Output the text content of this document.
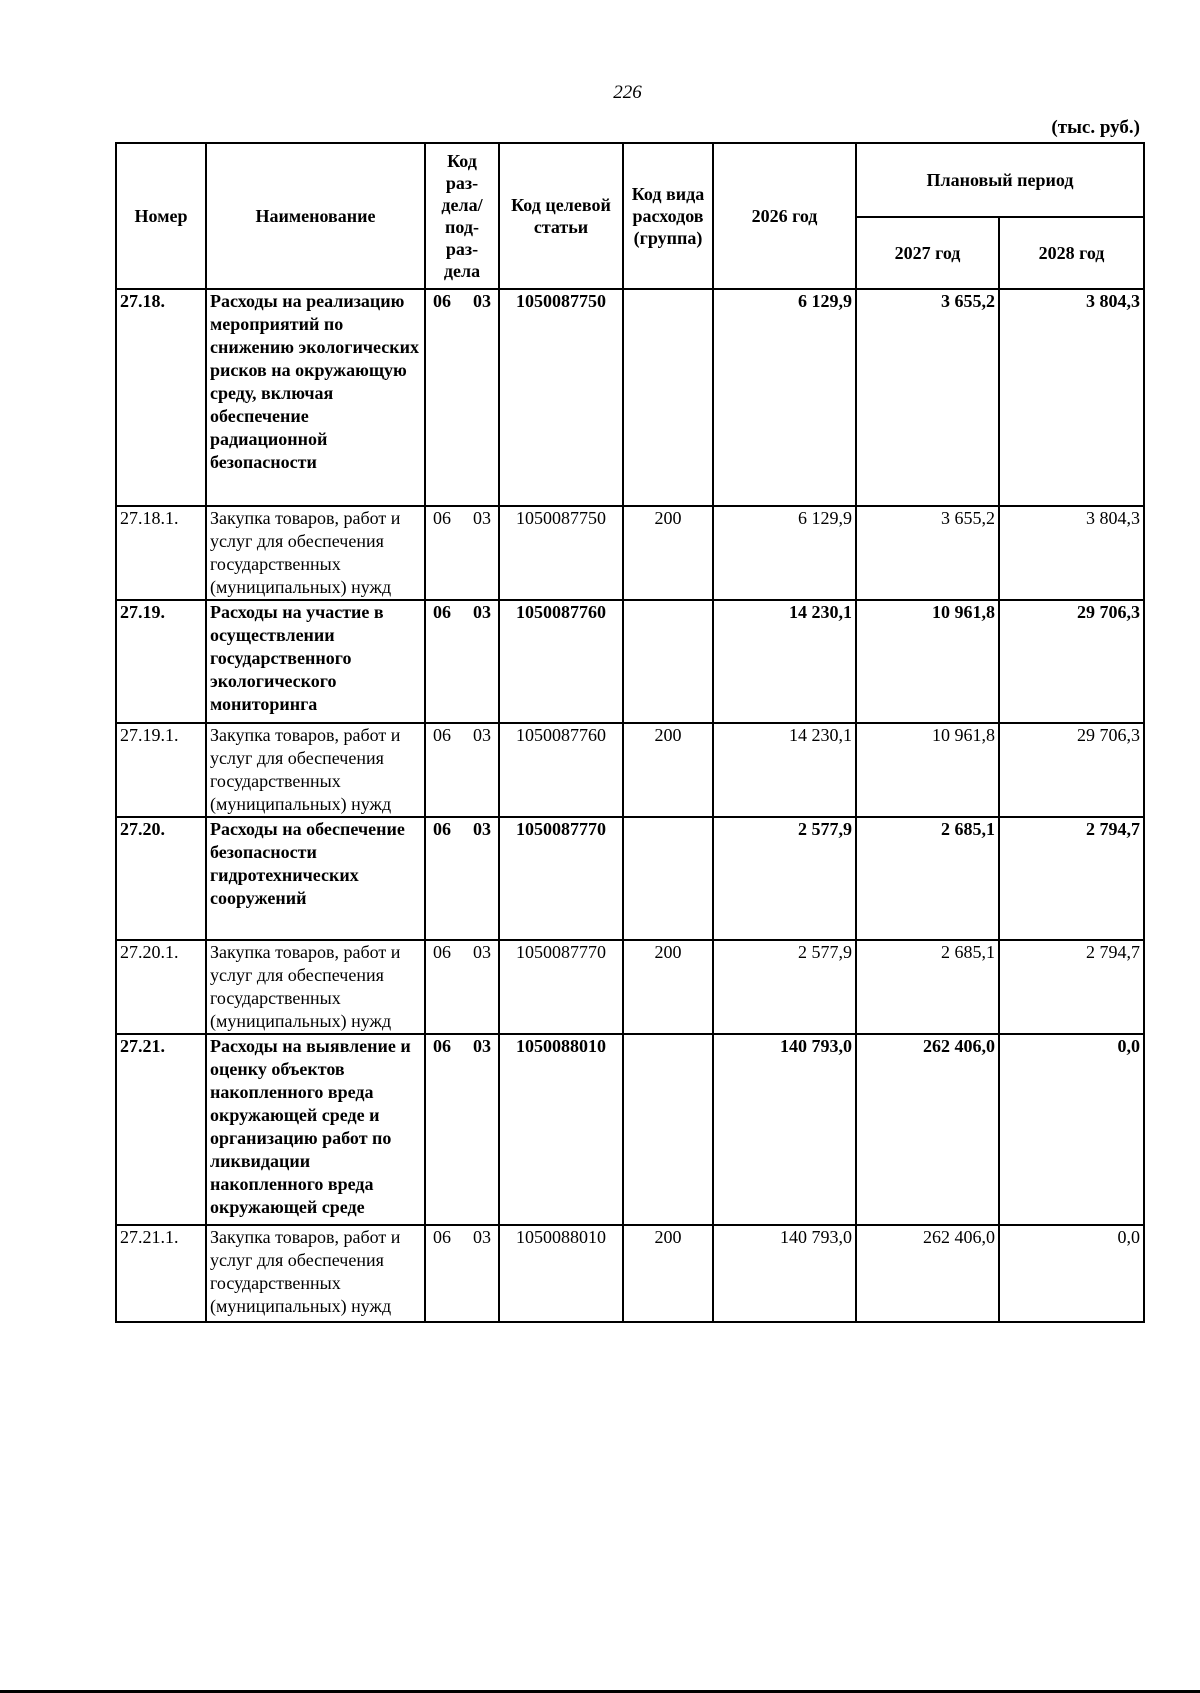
226
(тыс. руб.)
Номер	Наименование	Код раз-дела/ под-раз-дела	Код целевой статьи	Код вида расходов (группа)	2026 год	Плановый период	
						2027 год	2028 год
27.18.	Расходы на реализацию мероприятий по снижению экологических рисков на окружающую среду, включая обеспечение радиационной безопасности	06 03	1050087750		6 129,9	3 655,2	3 804,3
27.18.1.	Закупка товаров, работ и услуг для обеспечения государственных (муниципальных) нужд	06 03	1050087750	200	6 129,9	3 655,2	3 804,3
27.19.	Расходы на участие в осуществлении государственного экологического мониторинга	06 03	1050087760		14 230,1	10 961,8	29 706,3
27.19.1.	Закупка товаров, работ и услуг для обеспечения государственных (муниципальных) нужд	06 03	1050087760	200	14 230,1	10 961,8	29 706,3
27.20.	Расходы на обеспечение безопасности гидротехнических сооружений	06 03	1050087770		2 577,9	2 685,1	2 794,7
27.20.1.	Закупка товаров, работ и услуг для обеспечения государственных (муниципальных) нужд	06 03	1050087770	200	2 577,9	2 685,1	2 794,7
27.21.	Расходы на выявление и оценку объектов накопленного вреда окружающей среде и организацию работ по ликвидации накопленного вреда окружающей среде	06 03	1050088010		140 793,0	262 406,0	0,0
27.21.1.	Закупка товаров, работ и услуг для обеспечения государственных (муниципальных) нужд	06 03	1050088010	200	140 793,0	262 406,0	0,0
